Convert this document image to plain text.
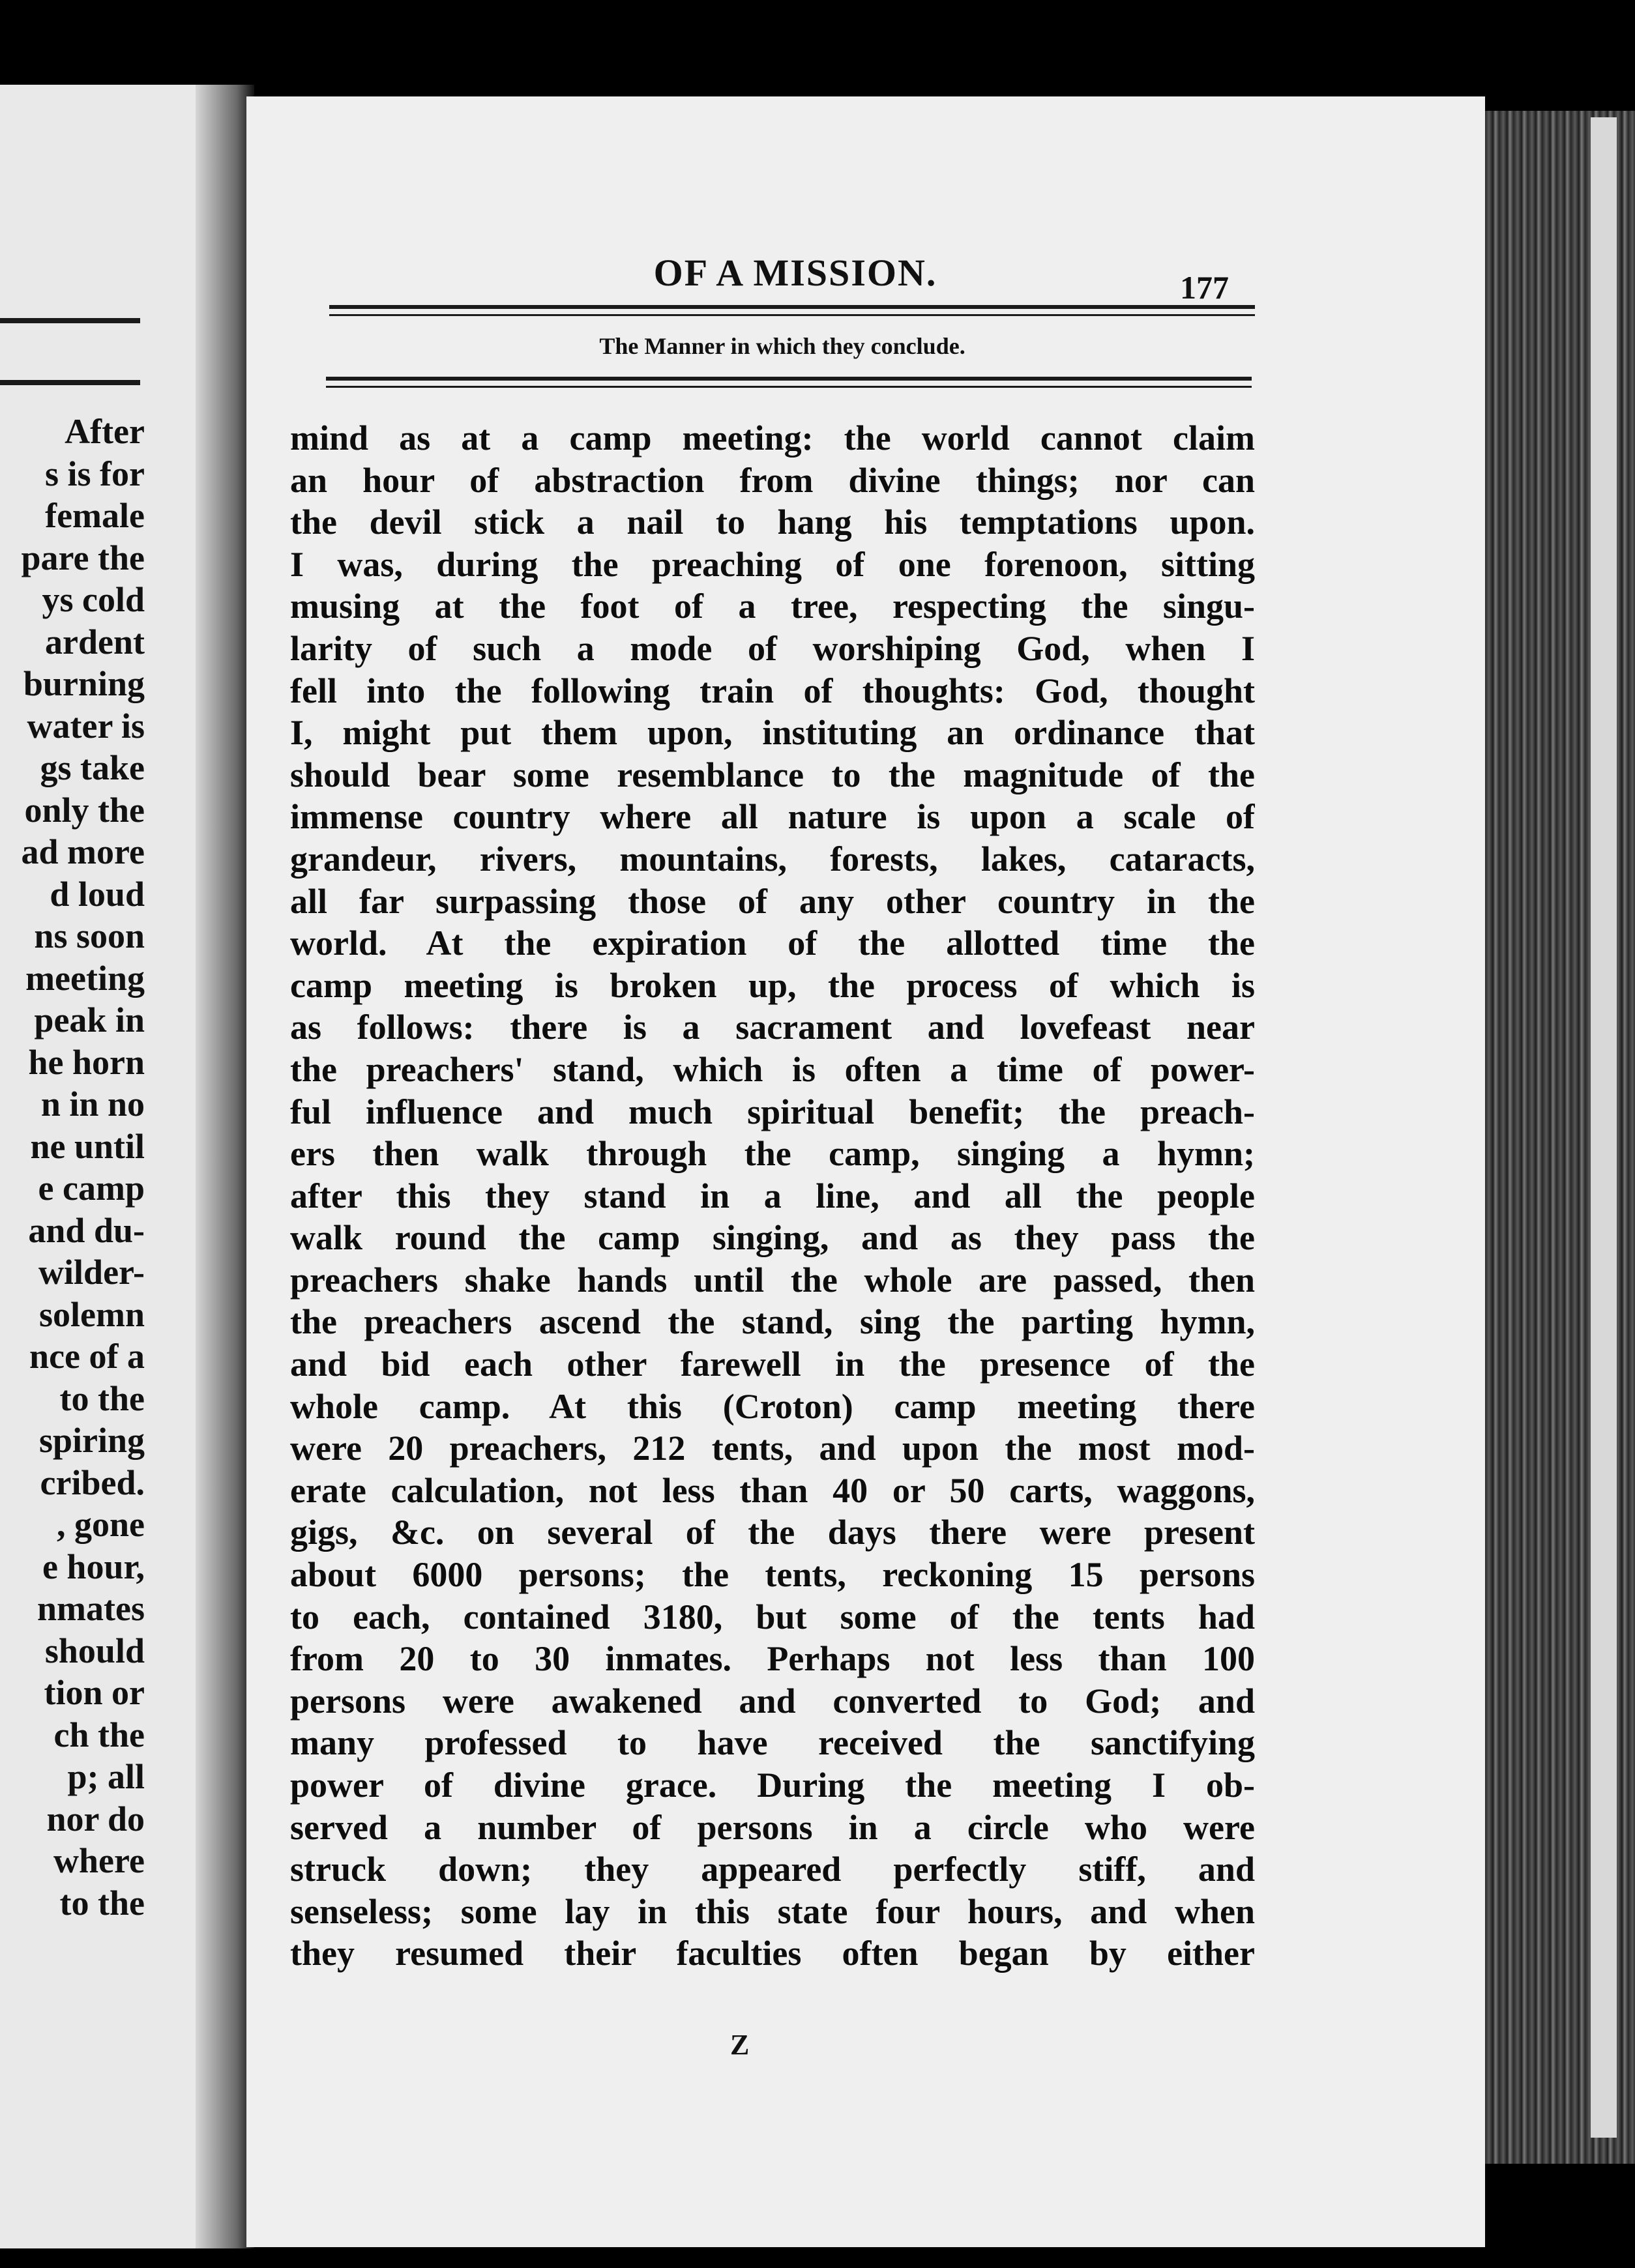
After
s is for
female
pare the
ys cold
ardent
burning
water is
gs take
only the
ad more
d loud
ns soon
meeting
peak in
he horn
n in no
ne until
e camp
and du-
wilder-
solemn
nce of a
to the
spiring
cribed.
, gone
e hour,
nmates
should
tion or
ch the
p; all
nor do
where
to the
OF A MISSION.	177
The Manner in which they conclude.
mind as at a camp meeting: the world cannot claim
an hour of abstraction from divine things; nor can
the devil stick a nail to hang his temptations upon.
I was, during the preaching of one forenoon, sitting
musing at the foot of a tree, respecting the singu-
larity of such a mode of worshiping God, when I
fell into the following train of thoughts: God, thought
I, might put them upon, instituting an ordinance that
should bear some resemblance to the magnitude of the
immense country where all nature is upon a scale of
grandeur, rivers, mountains, forests, lakes, cataracts,
all far surpassing those of any other country in the
world. At the expiration of the allotted time the
camp meeting is broken up, the process of which is
as follows: there is a sacrament and lovefeast near
the preachers' stand, which is often a time of power-
ful influence and much spiritual benefit; the preach-
ers then walk through the camp, singing a hymn;
after this they stand in a line, and all the people
walk round the camp singing, and as they pass the
preachers shake hands until the whole are passed, then
the preachers ascend the stand, sing the parting hymn,
and bid each other farewell in the presence of the
whole camp. At this (Croton) camp meeting there
were 20 preachers, 212 tents, and upon the most mod-
erate calculation, not less than 40 or 50 carts, waggons,
gigs, &c. on several of the days there were present
about 6000 persons; the tents, reckoning 15 persons
to each, contained 3180, but some of the tents had
from 20 to 30 inmates. Perhaps not less than 100
persons were awakened and converted to God; and
many professed to have received the sanctifying
power of divine grace. During the meeting I ob-
served a number of persons in a circle who were
struck down; they appeared perfectly stiff, and
senseless; some lay in this state four hours, and when
they resumed their faculties often began by either
Z
